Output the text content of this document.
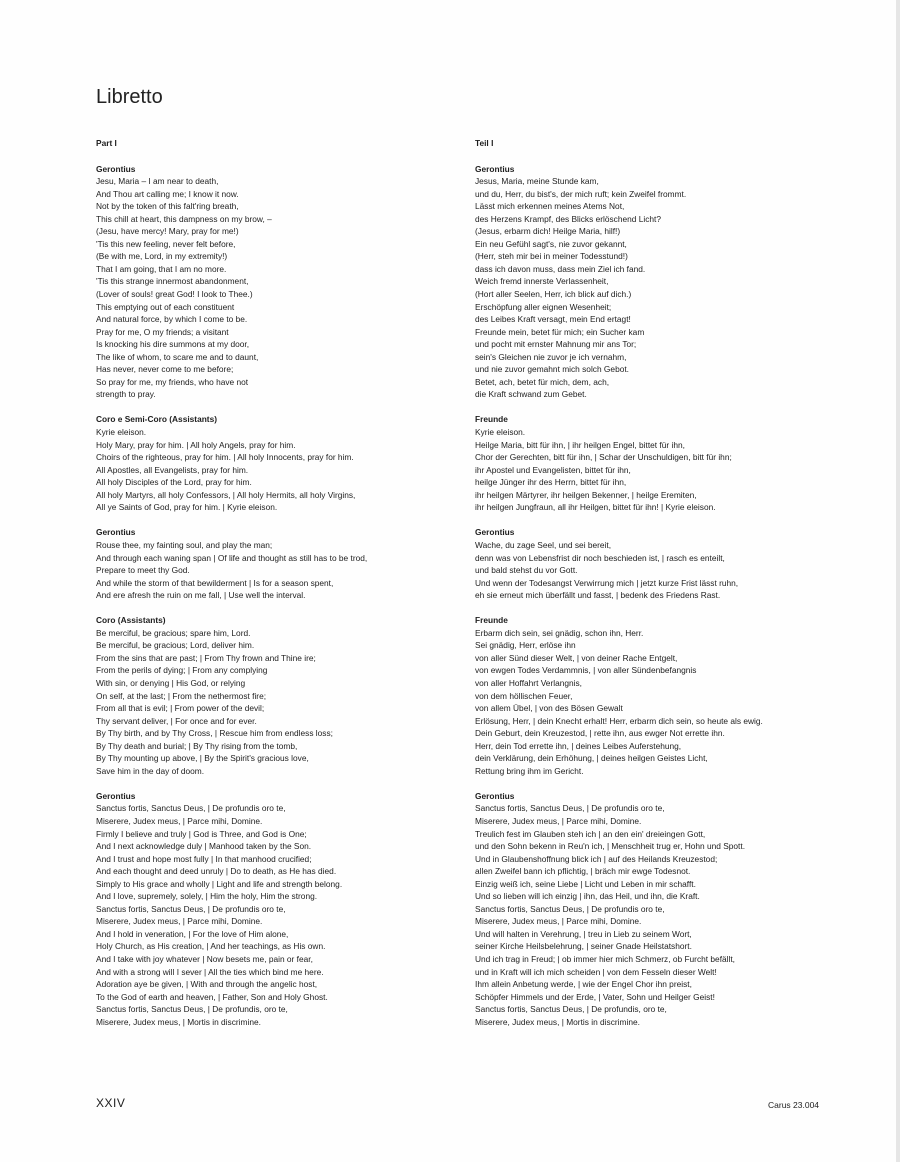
Libretto
Part I
Gerontius
Jesu, Maria – I am near to death,
And Thou art calling me; I know it now.
Not by the token of this falt'ring breath,
This chill at heart, this dampness on my brow, –
(Jesu, have mercy! Mary, pray for me!)
'Tis this new feeling, never felt before,
(Be with me, Lord, in my extremity!)
That I am going, that I am no more.
'Tis this strange innermost abandonment,
(Lover of souls! great God! I look to Thee.)
This emptying out of each constituent
And natural force, by which I come to be.
Pray for me, O my friends; a visitant
Is knocking his dire summons at my door,
The like of whom, to scare me and to daunt,
Has never, never come to me before;
So pray for me, my friends, who have not
strength to pray.
Coro e Semi-Coro (Assistants)
Kyrie eleison.
Holy Mary, pray for him. | All holy Angels, pray for him.
Choirs of the righteous, pray for him. | All holy Innocents, pray for him.
All Apostles, all Evangelists, pray for him.
All holy Disciples of the Lord, pray for him.
All holy Martyrs, all holy Confessors, | All holy Hermits, all holy Virgins,
All ye Saints of God, pray for him. | Kyrie eleison.
Gerontius
Rouse thee, my fainting soul, and play the man;
And through each waning span | Of life and thought as still has to be trod,
Prepare to meet thy God.
And while the storm of that bewilderment | Is for a season spent,
And ere afresh the ruin on me fall, | Use well the interval.
Coro (Assistants)
Be merciful, be gracious; spare him, Lord.
Be merciful, be gracious; Lord, deliver him.
From the sins that are past; | From Thy frown and Thine ire;
From the perils of dying; | From any complying
With sin, or denying | His God, or relying
On self, at the last; | From the nethermost fire;
From all that is evil; | From power of the devil;
Thy servant deliver, | For once and for ever.
By Thy birth, and by Thy Cross, | Rescue him from endless loss;
By Thy death and burial; | By Thy rising from the tomb,
By Thy mounting up above, | By the Spirit's gracious love,
Save him in the day of doom.
Gerontius
Sanctus fortis, Sanctus Deus, | De profundis oro te,
Miserere, Judex meus, | Parce mihi, Domine.
Firmly I believe and truly | God is Three, and God is One;
And I next acknowledge duly | Manhood taken by the Son.
And I trust and hope most fully | In that manhood crucified;
And each thought and deed unruly | Do to death, as He has died.
Simply to His grace and wholly | Light and life and strength belong.
And I love, supremely, solely, | Him the holy, Him the strong.
Sanctus fortis, Sanctus Deus, | De profundis oro te,
Miserere, Judex meus, | Parce mihi, Domine.
And I hold in veneration, | For the love of Him alone,
Holy Church, as His creation, | And her teachings, as His own.
And I take with joy whatever | Now besets me, pain or fear,
And with a strong will I sever | All the ties which bind me here.
Adoration aye be given, | With and through the angelic host,
To the God of earth and heaven, | Father, Son and Holy Ghost.
Sanctus fortis, Sanctus Deus, | De profundis, oro te,
Miserere, Judex meus, | Mortis in discrimine.
Teil I
Gerontius
Jesus, Maria, meine Stunde kam,
und du, Herr, du bist's, der mich ruft; kein Zweifel frommt.
Lässt mich erkennen meines Atems Not,
des Herzens Krampf, des Blicks erlöschend Licht?
(Jesus, erbarm dich! Heilge Maria, hilf!)
Ein neu Gefühl sagt's, nie zuvor gekannt,
(Herr, steh mir bei in meiner Todesstund!)
dass ich davon muss, dass mein Ziel ich fand.
Weich fremd innerste Verlassenheit,
(Hort aller Seelen, Herr, ich blick auf dich.)
Erschöpfung aller eignen Wesenheit;
des Leibes Kraft versagt, mein End ertagt!
Freunde mein, betet für mich; ein Sucher kam
und pocht mit ernster Mahnung mir ans Tor;
sein's Gleichen nie zuvor je ich vernahm,
und nie zuvor gemahnt mich solch Gebot.
Betet, ach, betet für mich, dem, ach,
die Kraft schwand zum Gebet.
Freunde
Kyrie eleison.
Heilge Maria, bitt für ihn, | ihr heilgen Engel, bittet für ihn,
Chor der Gerechten, bitt für ihn, | Schar der Unschuldigen, bitt für ihn;
ihr Apostel und Evangelisten, bittet für ihn,
heilge Jünger ihr des Herrn, bittet für ihn,
ihr heilgen Märtyrer, ihr heilgen Bekenner, | heilge Eremiten,
ihr heilgen Jungfraun, all ihr Heilgen, bittet für ihn! | Kyrie eleison.
Gerontius
Wache, du zage Seel, und sei bereit,
denn was von Lebensfrist dir noch beschieden ist, | rasch es enteilt,
und bald stehst du vor Gott.
Und wenn der Todesangst Verwirrung mich | jetzt kurze Frist lässt ruhn,
eh sie erneut mich überfällt und fasst, | bedenk des Friedens Rast.
Freunde
Erbarm dich sein, sei gnädig, schon ihn, Herr.
Sei gnädig, Herr, erlöse ihn
von aller Sünd dieser Welt, | von deiner Rache Entgelt,
von ewgen Todes Verdammnis, | von aller Sündenbefangnis
von aller Hoffahrt Verlangnis,
von dem höllischen Feuer,
von allem Übel, | von des Bösen Gewalt
Erlösung, Herr, | dein Knecht erhalt! Herr, erbarm dich sein, so heute als ewig.
Dein Geburt, dein Kreuzestod, | rette ihn, aus ewger Not errette ihn.
Herr, dein Tod errette ihn, | deines Leibes Auferstehung,
dein Verklärung, dein Erhöhung, | deines heilgen Geistes Licht,
Rettung bring ihm im Gericht.
Gerontius
Sanctus fortis, Sanctus Deus, | De profundis oro te,
Miserere, Judex meus, | Parce mihi, Domine.
Treulich fest im Glauben steh ich | an den ein' dreieingen Gott,
und den Sohn bekenn in Reu'n ich, | Menschheit trug er, Hohn und Spott.
Und in Glaubenshoffnung blick ich | auf des Heilands Kreuzestod;
allen Zweifel bann ich pflichtig, | bräch mir ewge Todesnot.
Einzig weiß ich, seine Liebe | Licht und Leben in mir schafft.
Und so lieben will ich einzig | ihn, das Heil, und ihn, die Kraft.
Sanctus fortis, Sanctus Deus, | De profundis oro te,
Miserere, Judex meus, | Parce mihi, Domine.
Und will halten in Verehrung, | treu in Lieb zu seinem Wort,
seiner Kirche Heilsbelehrung, | seiner Gnade Heilstatshort.
Und ich trag in Freud; | ob immer hier mich Schmerz, ob Furcht befällt,
und in Kraft will ich mich scheiden | von dem Fesseln dieser Welt!
Ihm allein Anbetung werde, | wie der Engel Chor ihn preist,
Schöpfer Himmels und der Erde, | Vater, Sohn und Heilger Geist!
Sanctus fortis, Sanctus Deus, | De profundis, oro te,
Miserere, Judex meus, | Mortis in discrimine.
XXIV	Carus 23.004
